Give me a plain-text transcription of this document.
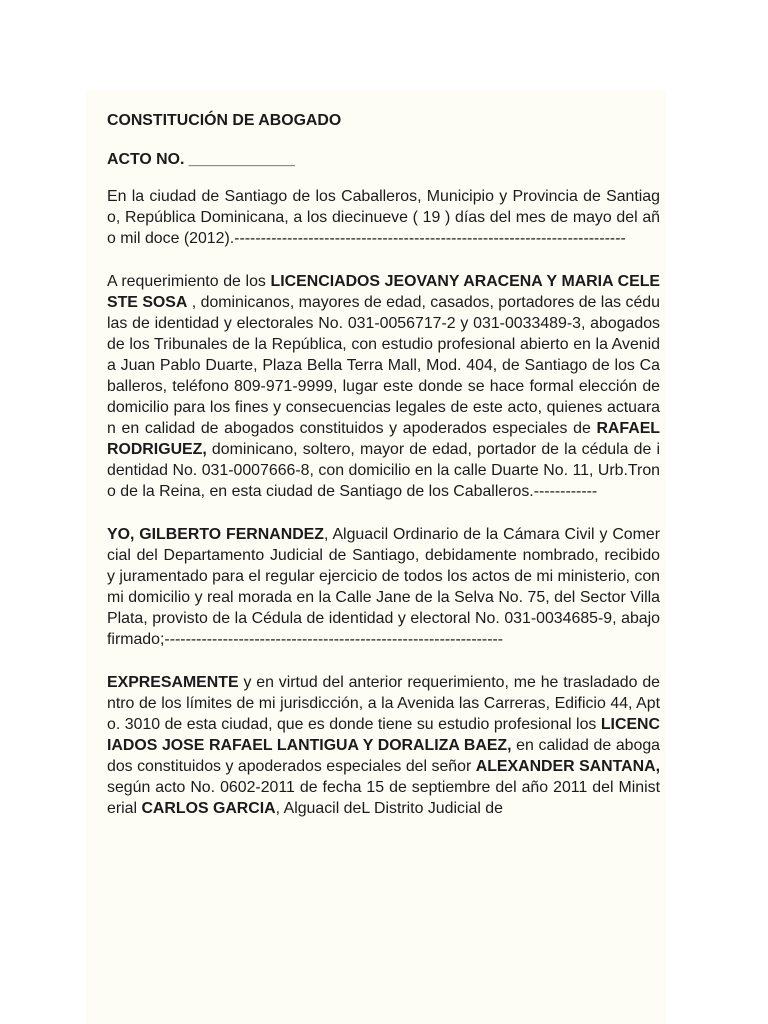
CONSTITUCIÓN DE ABOGADO
ACTO NO. ____________

En la ciudad de Santiago de los Caballeros, Municipio y Provincia de Santiago, República Dominicana, a los diecinueve ( 19 ) días del mes de mayo del año mil doce (2012).--------------------------------------------------------------------------

A requerimiento de los LICENCIADOS JEOVANY ARACENA Y MARIA CELESTE SOSA , dominicanos, mayores de edad, casados, portadores de las cédulas de identidad y electorales No. 031-0056717-2 y 031-0033489-3, abogados de los Tribunales de la República, con estudio profesional abierto en la Avenida Juan Pablo Duarte, Plaza Bella Terra Mall, Mod. 404, de Santiago de los Caballeros, teléfono 809-971-9999, lugar este donde se hace formal elección de domicilio para los fines y consecuencias legales de este acto, quienes actuaran en calidad de abogados constituidos y apoderados especiales de RAFAEL RODRIGUEZ, dominicano, soltero, mayor de edad, portador de la cédula de identidad No. 031-0007666-8, con domicilio en la calle Duarte No. 11, Urb.Trono de la Reina, en esta ciudad de Santiago de los Caballeros.------------

YO, GILBERTO FERNANDEZ, Alguacil Ordinario de la Cámara Civil y Comercial del Departamento Judicial de Santiago, debidamente nombrado, recibido y juramentado para el regular ejercicio de todos los actos de mi ministerio, con mi domicilio y real morada en la Calle Jane de la Selva No. 75, del Sector Villa Plata, provisto de la Cédula de identidad y electoral No. 031-0034685-9, abajo firmado;----------------------------------------------------------------

EXPRESAMENTE y en virtud del anterior requerimiento, me he trasladado dentro de los límites de mi jurisdicción, a la Avenida las Carreras, Edificio 44, Apto. 3010 de esta ciudad, que es donde tiene su estudio profesional los LICENCIADOS JOSE RAFAEL LANTIGUA Y DORALIZA BAEZ, en calidad de abogados constituidos y apoderados especiales del señor ALEXANDER SANTANA, según acto No. 0602-2011 de fecha 15 de septiembre del año 2011 del Ministerial CARLOS GARCIA, Alguacil deL Distrito Judicial de
